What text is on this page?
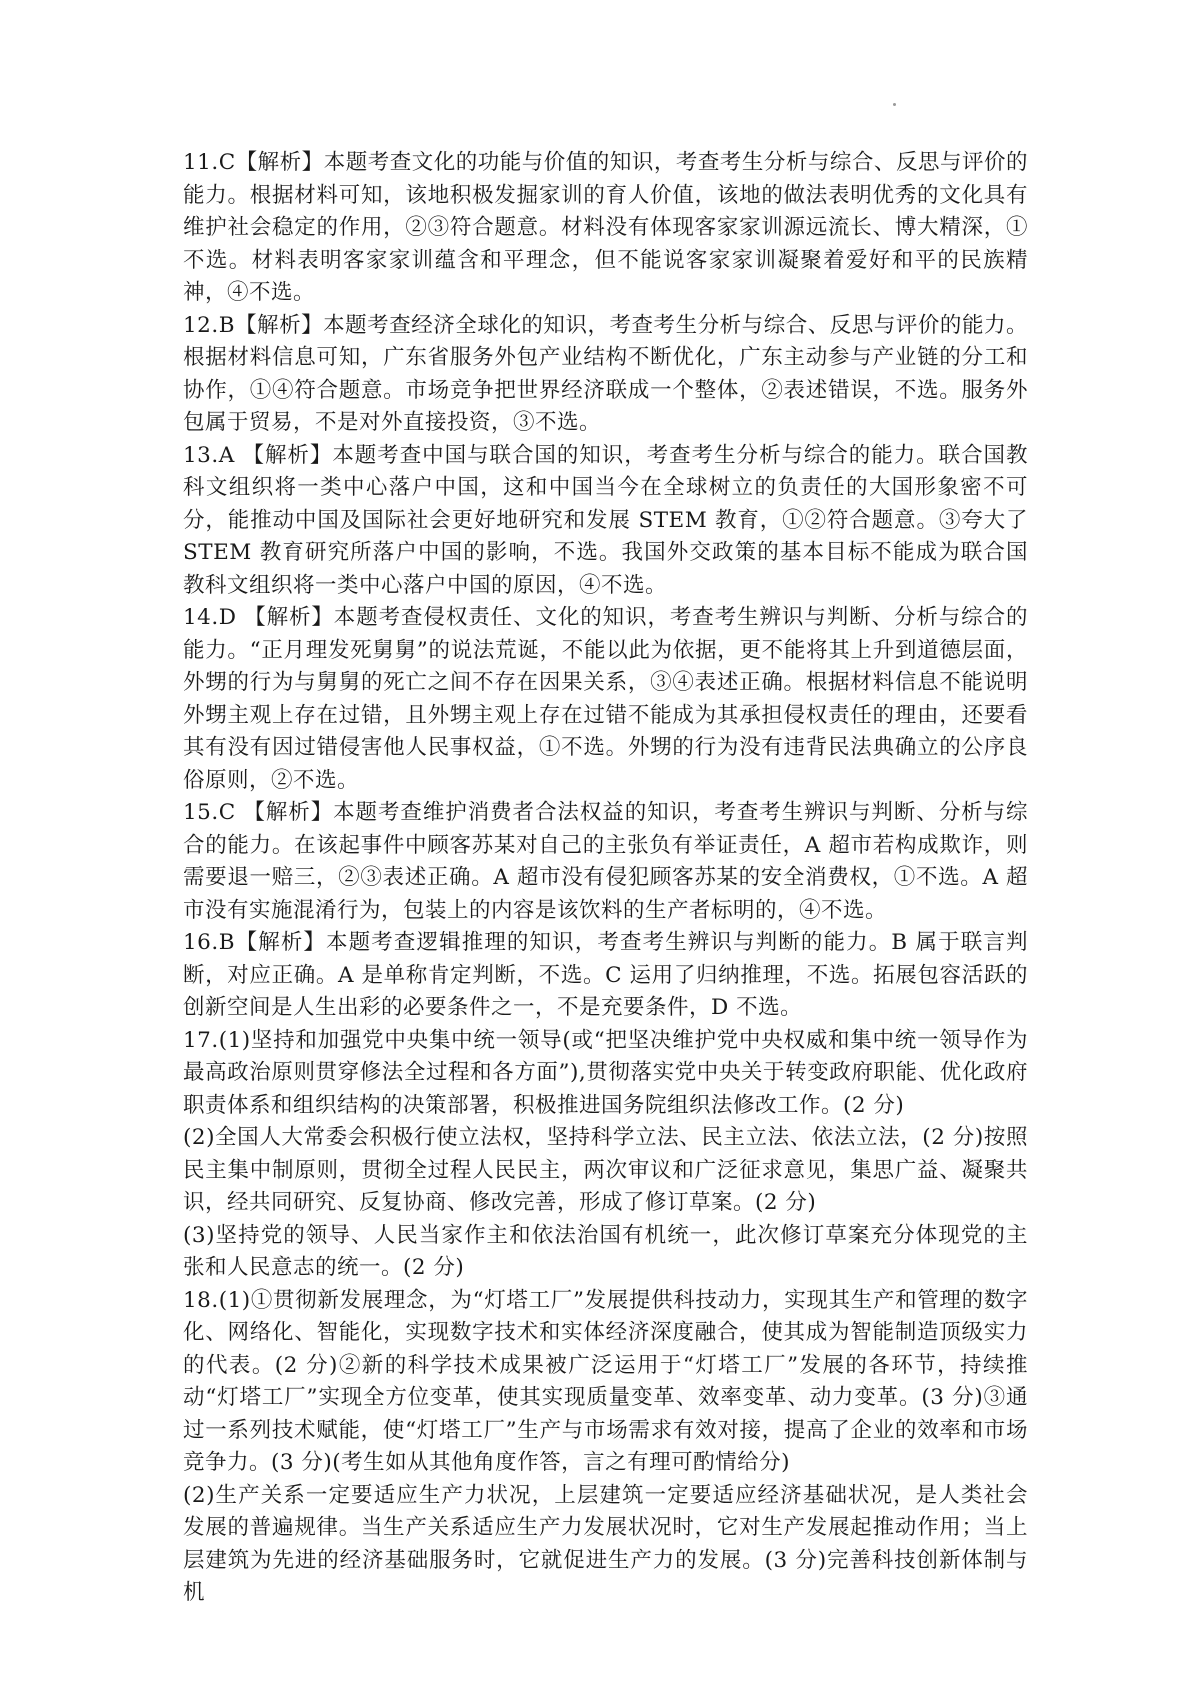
11.C【解析】本题考查文化的功能与价值的知识，考查考生分析与综合、反思与评价的能力。根据材料可知，该地积极发掘家训的育人价值，该地的做法表明优秀的文化具有维护社会稳定的作用，②③符合题意。材料没有体现客家家训源远流长、博大精深，①不选。材料表明客家家训蕴含和平理念，但不能说客家家训凝聚着爱好和平的民族精神，④不选。

12.B【解析】本题考查经济全球化的知识，考查考生分析与综合、反思与评价的能力。根据材料信息可知，广东省服务外包产业结构不断优化，广东主动参与产业链的分工和协作，①④符合题意。市场竞争把世界经济联成一个整体，②表述错误，不选。服务外包属于贸易，不是对外直接投资，③不选。

13.A 【解析】本题考查中国与联合国的知识，考查考生分析与综合的能力。联合国教科文组织将一类中心落户中国，这和中国当今在全球树立的负责任的大国形象密不可分，能推动中国及国际社会更好地研究和发展 STEM 教育，①②符合题意。③夸大了 STEM 教育研究所落户中国的影响，不选。我国外交政策的基本目标不能成为联合国教科文组织将一类中心落户中国的原因，④不选。

14.D 【解析】本题考查侵权责任、文化的知识，考查考生辨识与判断、分析与综合的能力。“正月理发死舅舅”的说法荒诞，不能以此为依据，更不能将其上升到道德层面，外甥的行为与舅舅的死亡之间不存在因果关系，③④表述正确。根据材料信息不能说明外甥主观上存在过错，且外甥主观上存在过错不能成为其承担侵权责任的理由，还要看其有没有因过错侵害他人民事权益，①不选。外甥的行为没有违背民法典确立的公序良俗原则，②不选。

15.C 【解析】本题考查维护消费者合法权益的知识，考查考生辨识与判断、分析与综合的能力。在该起事件中顾客苏某对自己的主张负有举证责任，A 超市若构成欺诈，则需要退一赔三，②③表述正确。A 超市没有侵犯顾客苏某的安全消费权，①不选。A 超市没有实施混淆行为，包装上的内容是该饮料的生产者标明的，④不选。

16.B【解析】本题考查逻辑推理的知识，考查考生辨识与判断的能力。B 属于联言判断，对应正确。A 是单称肯定判断，不选。C 运用了归纳推理，不选。拓展包容活跃的创新空间是人生出彩的必要条件之一，不是充要条件，D 不选。

17.(1)坚持和加强党中央集中统一领导(或“把坚决维护党中央权威和集中统一领导作为最高政治原则贯穿修法全过程和各方面”),贯彻落实党中央关于转变政府职能、优化政府职责体系和组织结构的决策部署，积极推进国务院组织法修改工作。(2 分)

(2)全国人大常委会积极行使立法权，坚持科学立法、民主立法、依法立法，(2 分)按照民主集中制原则，贯彻全过程人民民主，两次审议和广泛征求意见，集思广益、凝聚共识，经共同研究、反复协商、修改完善，形成了修订草案。(2 分)

(3)坚持党的领导、人民当家作主和依法治国有机统一，此次修订草案充分体现党的主张和人民意志的统一。(2 分)

18.(1)①贯彻新发展理念，为“灯塔工厂”发展提供科技动力，实现其生产和管理的数字化、网络化、智能化，实现数字技术和实体经济深度融合，使其成为智能制造顶级实力的代表。(2 分)②新的科学技术成果被广泛运用于“灯塔工厂”发展的各环节，持续推动“灯塔工厂”实现全方位变革，使其实现质量变革、效率变革、动力变革。(3 分)③通过一系列技术赋能，使“灯塔工厂”生产与市场需求有效对接，提高了企业的效率和市场竞争力。(3 分)(考生如从其他角度作答，言之有理可酌情给分)

(2)生产关系一定要适应生产力状况，上层建筑一定要适应经济基础状况，是人类社会发展的普遍规律。当生产关系适应生产力发展状况时，它对生产发展起推动作用；当上层建筑为先进的经济基础服务时，它就促进生产力的发展。(3 分)完善科技创新体制与机
